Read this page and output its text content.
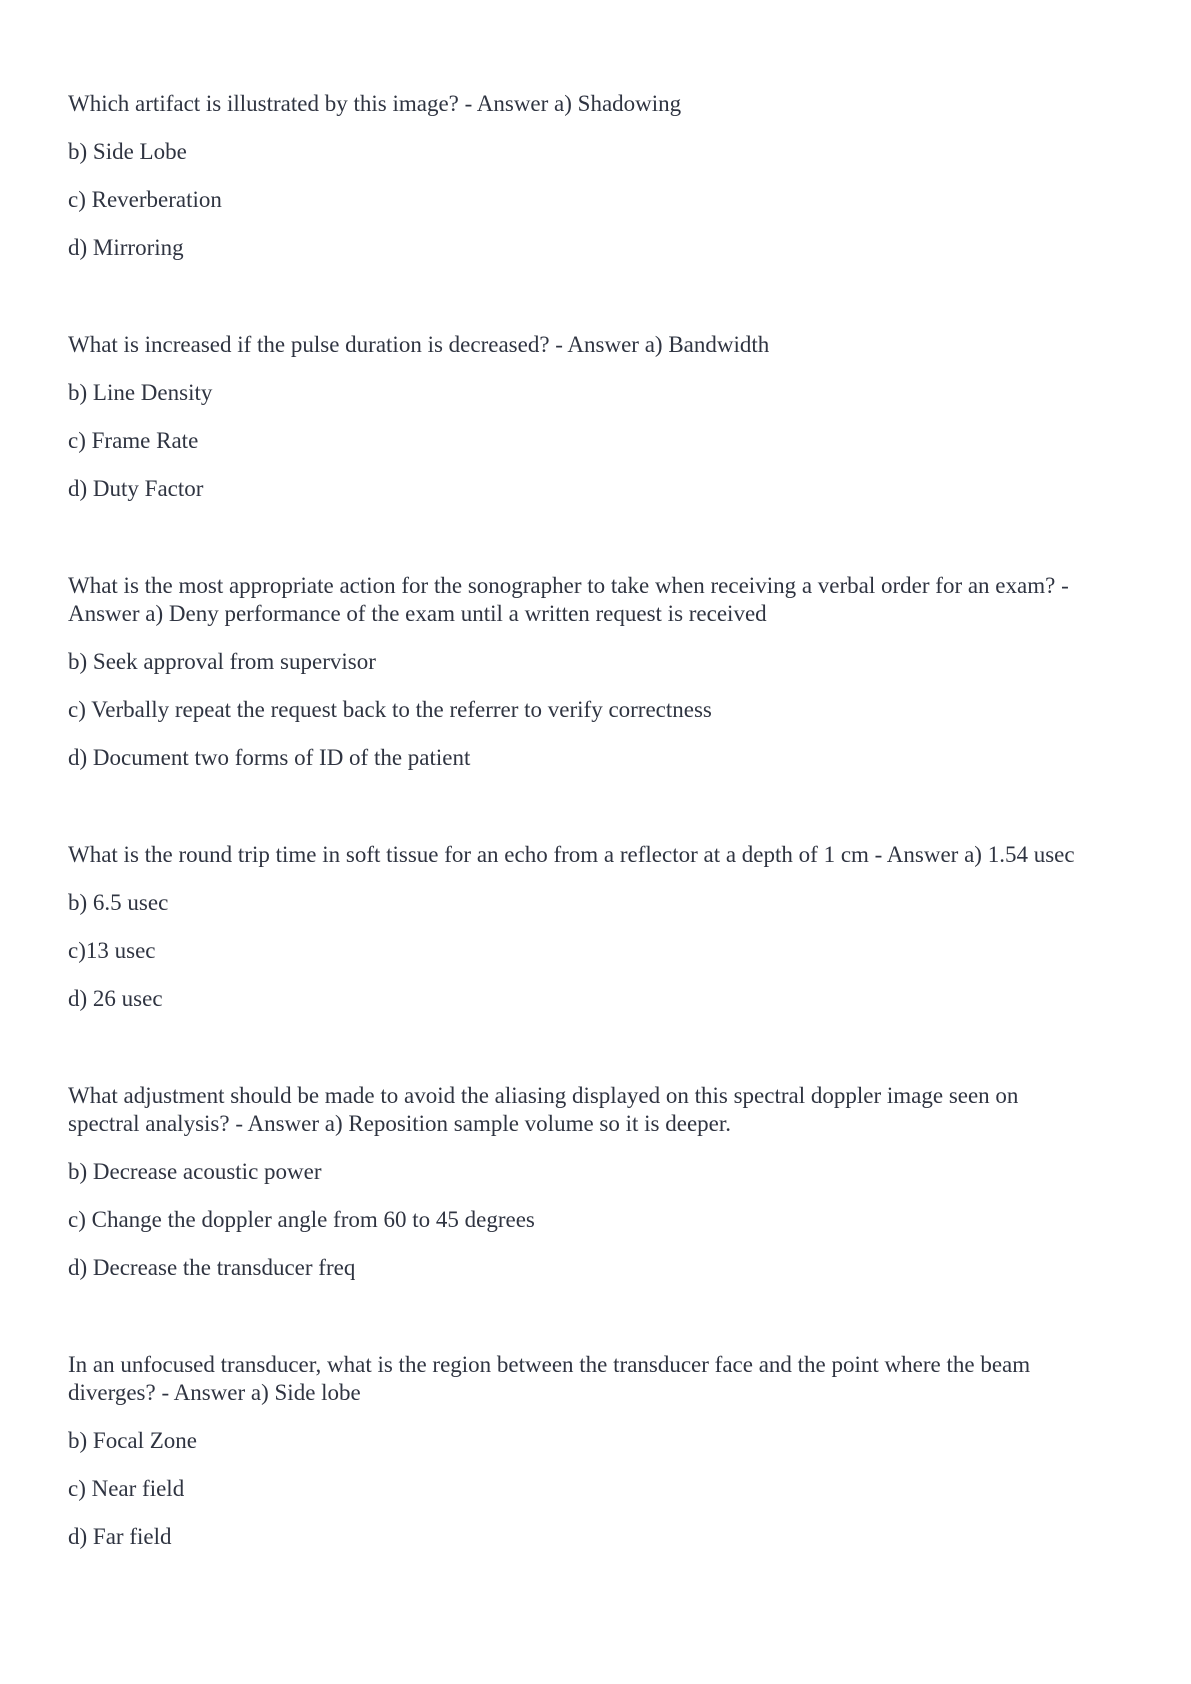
Which artifact is illustrated by this image? - Answer a) Shadowing

b) Side Lobe

c) Reverberation

d) Mirroring

What is increased if the pulse duration is decreased? - Answer a) Bandwidth

b) Line Density

c) Frame Rate

d) Duty Factor

What is the most appropriate action for the sonographer to take when receiving a verbal order for an exam? -

Answer a) Deny performance of the exam until a written request is received

b) Seek approval from supervisor

c) Verbally repeat the request back to the referrer to verify correctness

d) Document two forms of ID of the patient

What is the round trip time in soft tissue for an echo from a reflector at a depth of 1 cm - Answer a) 1.54 usec

b) 6.5 usec

c)13 usec

d) 26 usec

What adjustment should be made to avoid the aliasing displayed on this spectral doppler image seen on

spectral analysis? - Answer a) Reposition sample volume so it is deeper.

b) Decrease acoustic power

c) Change the doppler angle from 60 to 45 degrees

d) Decrease the transducer freq

In an unfocused transducer, what is the region between the transducer face and the point where the beam

diverges? - Answer a) Side lobe

b) Focal Zone

c) Near field

d) Far field
